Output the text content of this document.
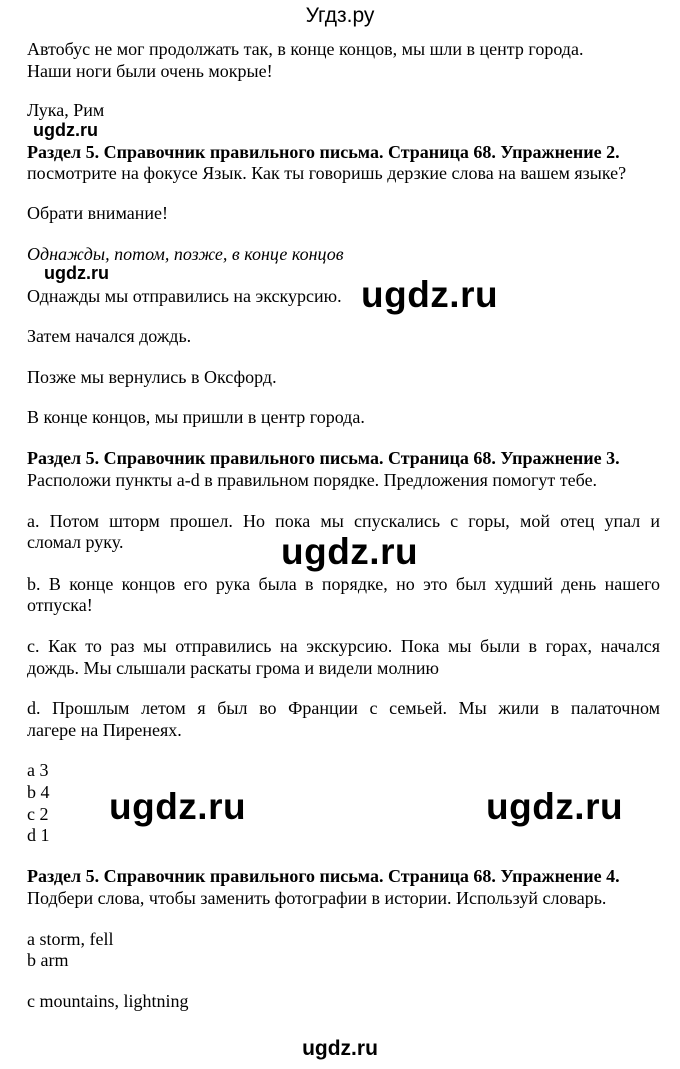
Угдз.ру
Автобус не мог продолжать так, в конце концов, мы шли в центр города.
Наши ноги были очень мокрые!
Лука, Рим
ugdz.ru
Раздел 5. Справочник правильного письма. Страница 68. Упражнение 2.
посмотрите на фокусе Язык. Как ты говоришь дерзкие слова на вашем языке?
Обрати внимание!
Однажды, потом, позже, в конце концов
ugdz.ru
Однажды мы отправились на экскурсию. ugdz.ru
Затем начался дождь.
Позже мы вернулись в Оксфорд.
В конце концов, мы пришли в центр города.
Раздел 5. Справочник правильного письма. Страница 68. Упражнение 3.
Расположи пункты a-d в правильном порядке. Предложения помогут тебе.
a. Потом шторм прошел. Но пока мы спускались с горы, мой отец упал и
сломал руку.	ugdz.ru
b. В конце концов его рука была в порядке, но это был худший день нашего
отпуска!
c. Как то раз мы отправились на экскурсию. Пока мы были в горах, начался
дождь. Мы слышали раскаты грома и видели молнию
d. Прошлым летом я был во Франции с семьей. Мы жили в палаточном
лагере на Пиренеях.
a 3
b 4
c 2
d 1
ugdz.ru	ugdz.ru
Раздел 5. Справочник правильного письма. Страница 68. Упражнение 4.
Подбери слова, чтобы заменить фотографии в истории. Используй словарь.
a storm, fell
b arm
c mountains, lightning
ugdz.ru
